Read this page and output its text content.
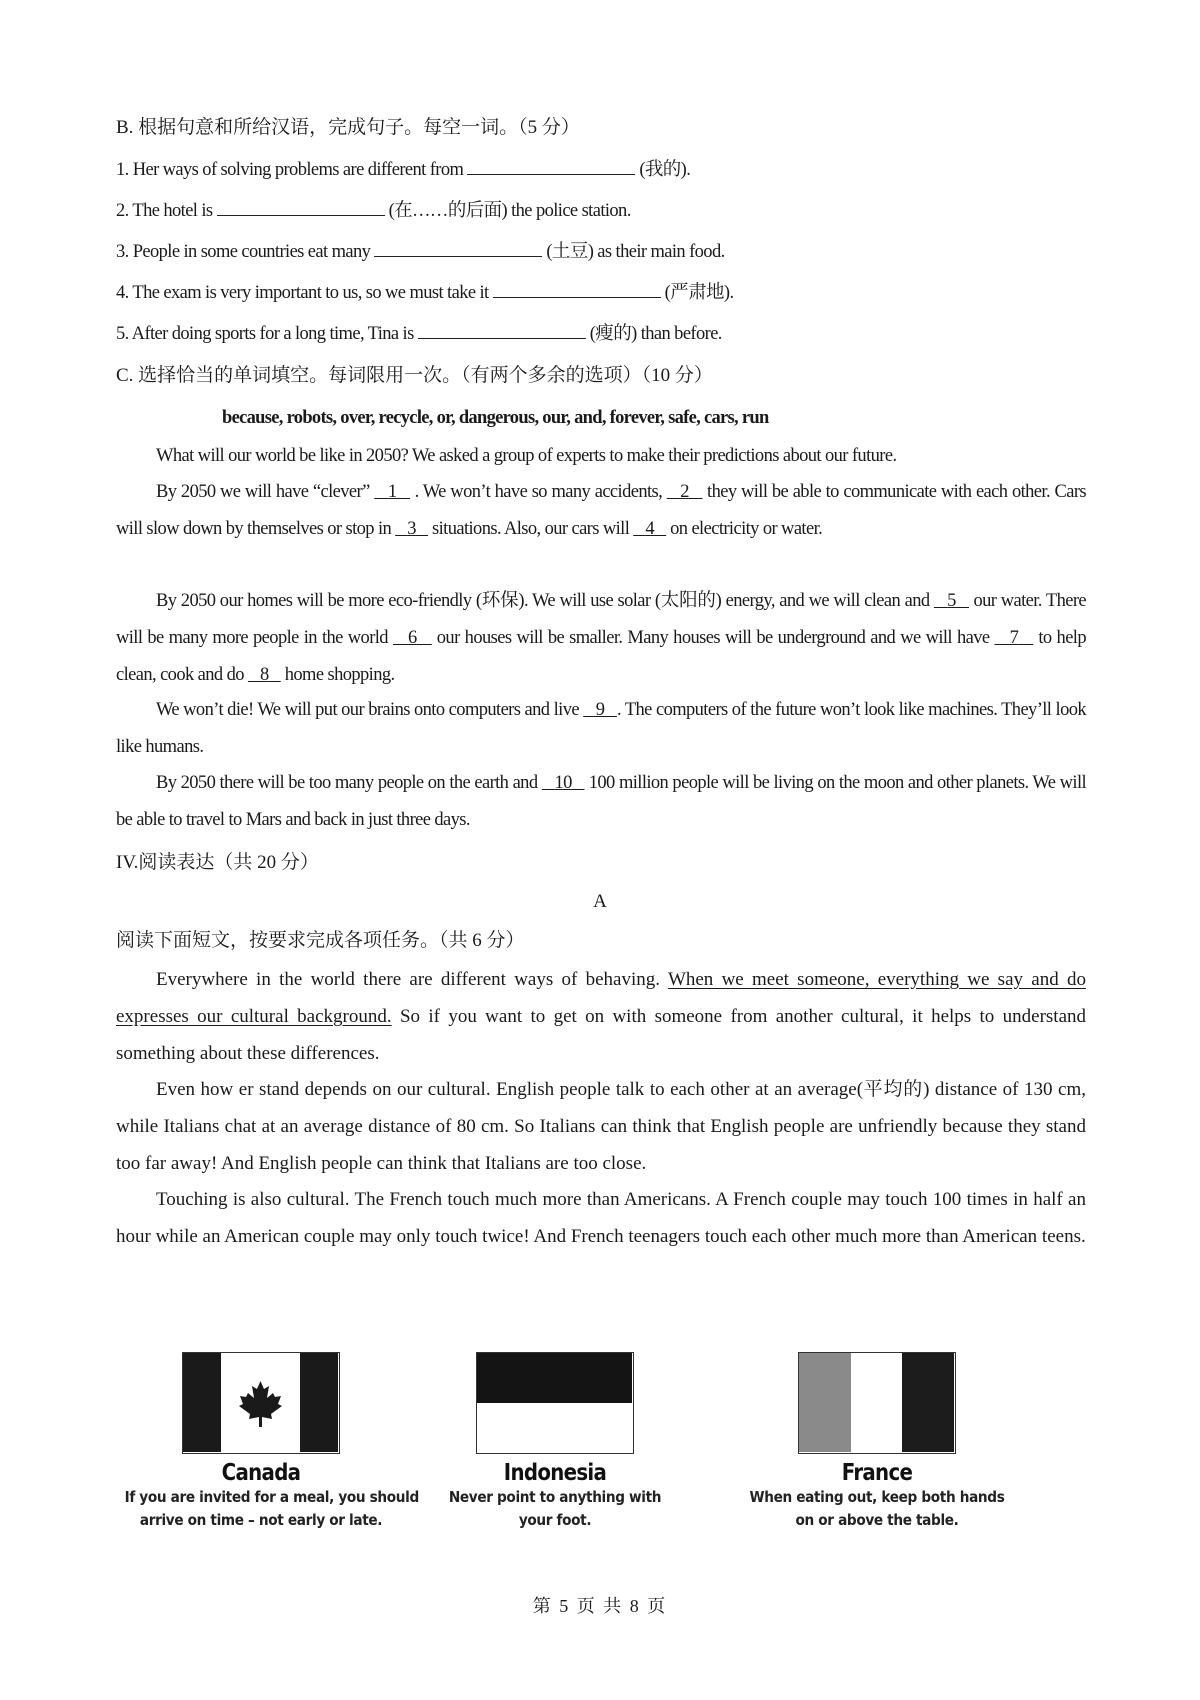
B. 根据句意和所给汉语，完成句子。每空一词。（5 分）
1. Her ways of solving problems are different from	(我的).
2. The hotel is	(在……的后面) the police station.
3. People in some countries eat many	(土豆) as their main food.
4. The exam is very important to us, so we must take it	(严肃地).
5. After doing sports for a long time, Tina is	(瘦的) than before.
C. 选择恰当的单词填空。每词限用一次。（有两个多余的选项）（10 分）
because, robots, over, recycle, or, dangerous, our, and, forever, safe, cars, run
What will our world be like in 2050? We asked a group of experts to make their predictions about our future.
By 2050 we will have “clever”    1    . We won’t have so many accidents,    2    they will be able to communicate with each other. Cars will slow down by themselves or stop in    3    situations. Also, our cars will    4    on electricity or water.
By 2050 our homes will be more eco-friendly (环保). We will use solar (太阳的) energy, and we will clean and    5    our water. There will be many more people in the world    6    our houses will be smaller. Many houses will be underground and we will have    7    to help clean, cook and do    8    home shopping.
We won’t die! We will put our brains onto computers and live    9 . The computers of the future won’t look like machines. They’ll look like humans.
By 2050 there will be too many people on the earth and    10    100 million people will be living on the moon and other planets. We will be able to travel to Mars and back in just three days.
IV.阅读表达（共 20 分）
A
阅读下面短文，按要求完成各项任务。（共 6 分）
Everywhere in the world there are different ways of behaving. When we meet someone, everything we say and do expresses our cultural background. So if you want to get on with someone from another cultural, it helps to understand something about these differences.
Even how er stand depends on our cultural. English people talk to each other at an average(平均的) distance of 130 cm, while Italians chat at an average distance of 80 cm. So Italians can think that English people are unfriendly because they stand too far away! And English people can think that Italians are too close.
Touching is also cultural. The French touch much more than Americans. A French couple may touch 100 times in half an hour while an American couple may only touch twice! And French teenagers touch each other much more than American teens.
Canada
If you are invited for a meal, you should
arrive on time – not early or late.
Indonesia
Never point to anything with
your foot.
France
When eating out, keep both hands
on or above the table.
第 5 页 共 8 页
